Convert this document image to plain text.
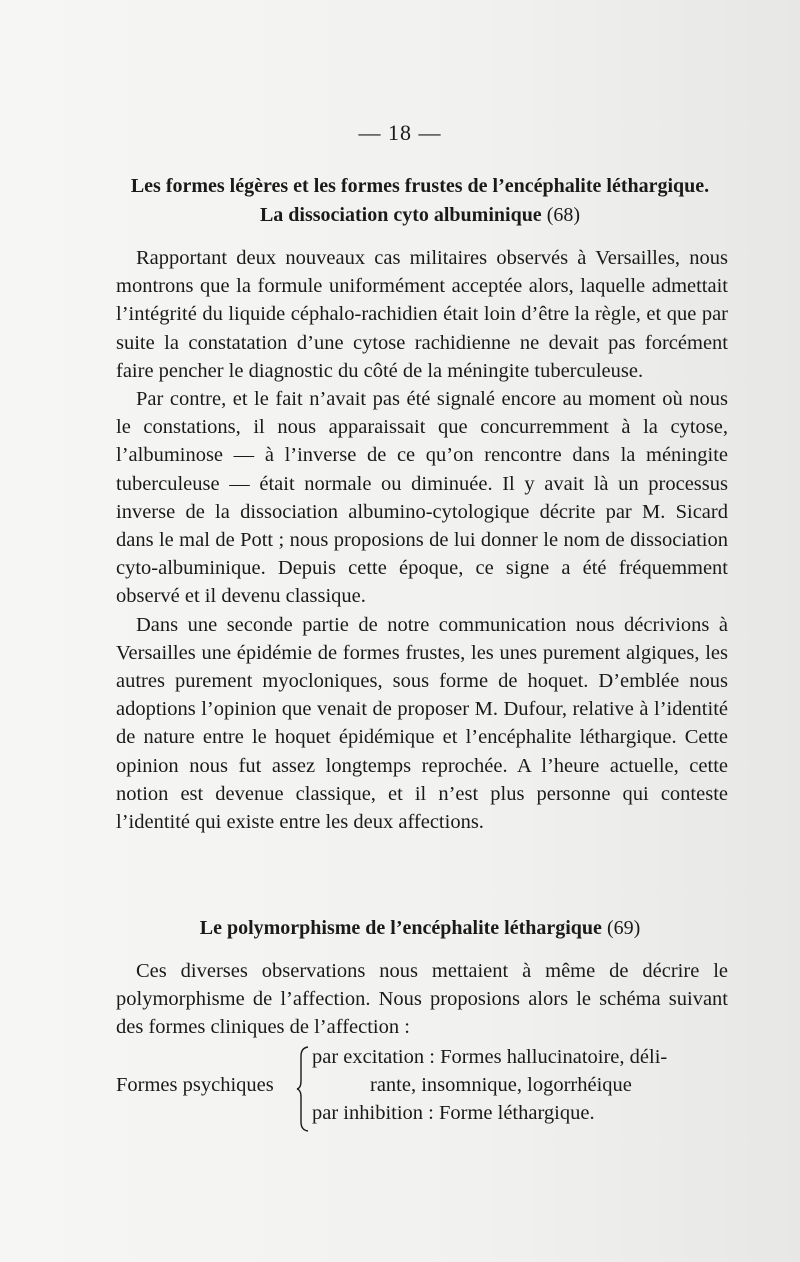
— 18 —
Les formes légères et les formes frustes de l’encéphalite léthargique. La dissociation cyto albuminique (68)

Rapportant deux nouveaux cas militaires observés à Versailles, nous montrons que la formule uniformément acceptée alors, laquelle admettait l’intégrité du liquide céphalo-rachidien était loin d’être la règle, et que par suite la constatation d’une cytose rachidienne ne devait pas forcément faire pencher le diagnostic du côté de la méningite tuberculeuse.

Par contre, et le fait n’avait pas été signalé encore au moment où nous le constations, il nous apparaissait que concurremment à la cytose, l’albuminose — à l’inverse de ce qu’on rencontre dans la méningite tuberculeuse — était normale ou diminuée. Il y avait là un processus inverse de la dissociation albumino-cytologique décrite par M. Sicard dans le mal de Pott ; nous proposions de lui donner le nom de dissociation cyto-albuminique. Depuis cette époque, ce signe a été fréquemment observé et il devenu classique.

Dans une seconde partie de notre communication nous décrivions à Versailles une épidémie de formes frustes, les unes purement algiques, les autres purement myocloniques, sous forme de hoquet. D’emblée nous adoptions l’opinion que venait de proposer M. Dufour, relative à l’identité de nature entre le hoquet épidémique et l’encéphalite léthargique. Cette opinion nous fut assez longtemps reprochée. A l’heure actuelle, cette notion est devenue classique, et il n’est plus personne qui conteste l’identité qui existe entre les deux affections.

Le polymorphisme de l’encéphalite léthargique (69)

Ces diverses observations nous mettaient à même de décrire le polymorphisme de l’affection. Nous proposions alors le schéma suivant des formes cliniques de l’affection :

Formes psychiques
par excitation : Formes hallucinatoire, déli-
rante, insomnique, logorrhéique
par inhibition : Forme léthargique.
